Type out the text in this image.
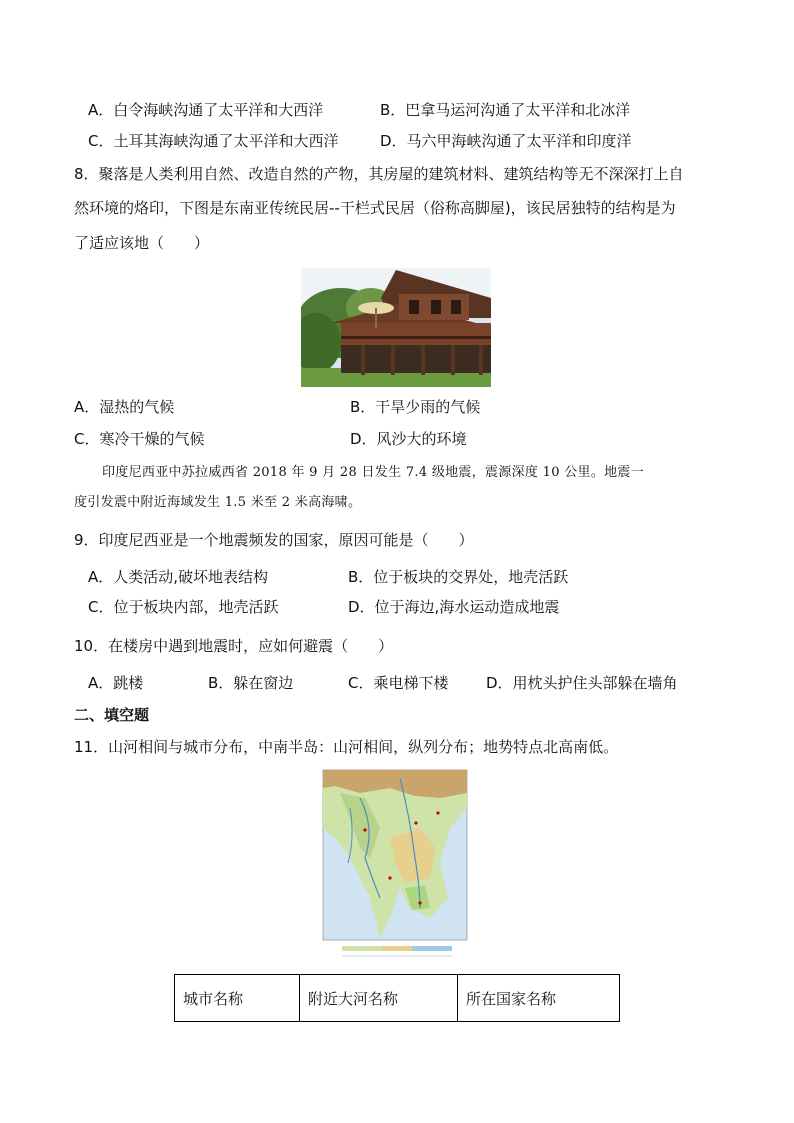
A．白令海峡沟通了太平洋和大西洋	B．巴拿马运河沟通了太平洋和北冰洋
C．土耳其海峡沟通了太平洋和大西洋	D．马六甲海峡沟通了太平洋和印度洋
8．聚落是人类利用自然、改造自然的产物，其房屋的建筑材料、建筑结构等无不深深打上自
然环境的烙印，下图是东南亚传统民居--干栏式民居（俗称高脚屋)，该民居独特的结构是为
了适应该地（　　）
A．湿热的气候	B．干旱少雨的气候
C．寒冷干燥的气候	D．风沙大的环境
印度尼西亚中苏拉威西省 2018 年 9 月 28 日发生 7.4 级地震，震源深度 10 公里。地震一
度引发震中附近海域发生 1.5 米至 2 米高海啸。
9．印度尼西亚是一个地震频发的国家，原因可能是（　　）
A．人类活动,破坏地表结构	B．位于板块的交界处，地壳活跃
C．位于板块内部，地壳活跃	D．位于海边,海水运动造成地震
10．在楼房中遇到地震时，应如何避震（　　）
A．跳楼	B．躲在窗边	C．乘电梯下楼	D．用枕头护住头部躲在墙角
二、填空题
11．山河相间与城市分布，中南半岛：山河相间，纵列分布；地势特点北高南低。
城市名称	附近大河名称	所在国家名称
